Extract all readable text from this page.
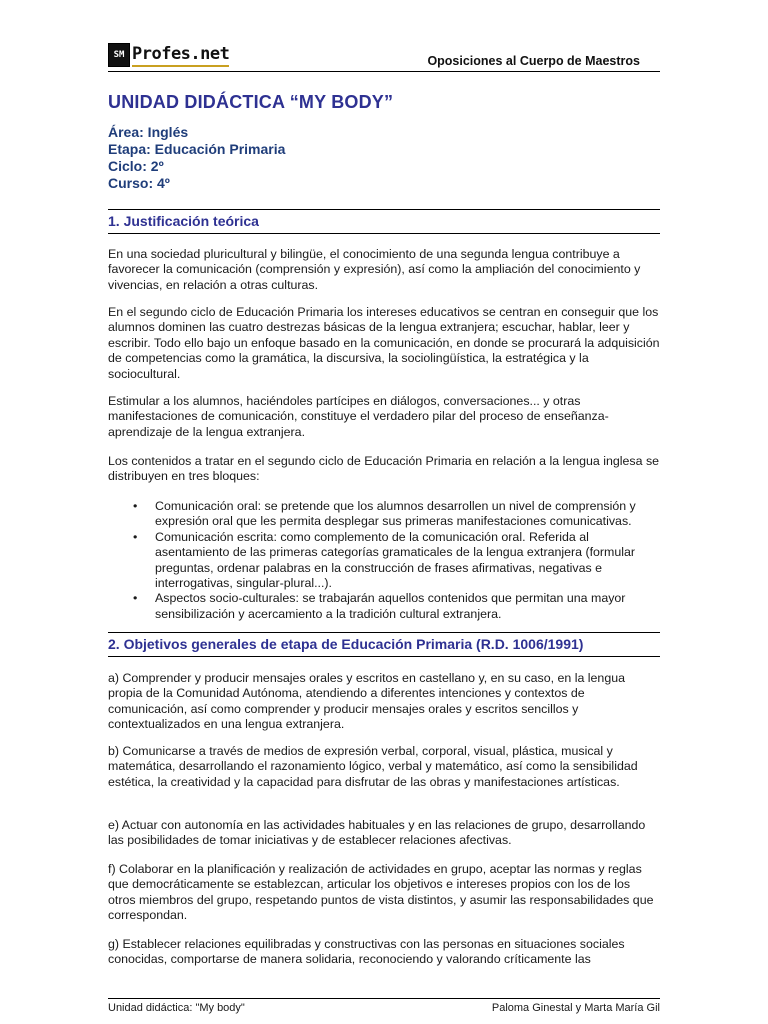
SM Profes.net	Oposiciones al Cuerpo de Maestros
UNIDAD DIDÁCTICA “MY BODY”
Área: Inglés
Etapa: Educación Primaria
Ciclo: 2º
Curso: 4º
1. Justificación teórica

En una sociedad pluricultural y bilingüe, el conocimiento de una segunda lengua contribuye a favorecer la comunicación (comprensión y expresión), así como la ampliación del conocimiento y vivencias, en relación a otras culturas.

En el segundo ciclo de Educación Primaria los intereses educativos se centran en conseguir que los alumnos dominen las cuatro destrezas básicas de la lengua extranjera; escuchar, hablar, leer y escribir. Todo ello bajo un enfoque basado en la comunicación, en donde se procurará la adquisición de competencias como la gramática, la discursiva, la sociolingüística, la estratégica y la sociocultural.

Estimular a los alumnos, haciéndoles partícipes en diálogos, conversaciones... y otras manifestaciones de comunicación, constituye el verdadero pilar del proceso de enseñanza-aprendizaje de la lengua extranjera.

Los contenidos a tratar en el segundo ciclo de Educación Primaria en relación a la lengua inglesa se distribuyen en tres bloques:

• Comunicación oral: se pretende que los alumnos desarrollen un nivel de comprensión y expresión oral que les permita desplegar sus primeras manifestaciones comunicativas.
• Comunicación escrita: como complemento de la comunicación oral. Referida al asentamiento de las primeras categorías gramaticales de la lengua extranjera (formular preguntas, ordenar palabras en la construcción de frases afirmativas, negativas e interrogativas, singular-plural...).
• Aspectos socio-culturales: se trabajarán aquellos contenidos que permitan una mayor sensibilización y acercamiento a la tradición cultural extranjera.
2. Objetivos generales de etapa de Educación Primaria (R.D. 1006/1991)

a) Comprender y producir mensajes orales y escritos en castellano y, en su caso, en la lengua propia de la Comunidad Autónoma, atendiendo a diferentes intenciones y contextos de comunicación, así como comprender y producir mensajes orales y escritos sencillos y contextualizados en una lengua extranjera.

b) Comunicarse a través de medios de expresión verbal, corporal, visual, plástica, musical y matemática, desarrollando el razonamiento lógico, verbal y matemático, así como la sensibilidad estética, la creatividad y la capacidad para disfrutar de las obras y manifestaciones artísticas.

e) Actuar con autonomía en las actividades habituales y en las relaciones de grupo, desarrollando las posibilidades de tomar iniciativas y de establecer relaciones afectivas.

f) Colaborar en la planificación y realización de actividades en grupo, aceptar las normas y reglas que democráticamente se establezcan, articular los objetivos e intereses propios con los de los otros miembros del grupo, respetando puntos de vista distintos, y asumir las responsabilidades que correspondan.

g) Establecer relaciones equilibradas y constructivas con las personas en situaciones sociales conocidas, comportarse de manera solidaria, reconociendo y valorando críticamente las

Unidad didáctica: "My body"	Paloma Ginestal y Marta María Gil
